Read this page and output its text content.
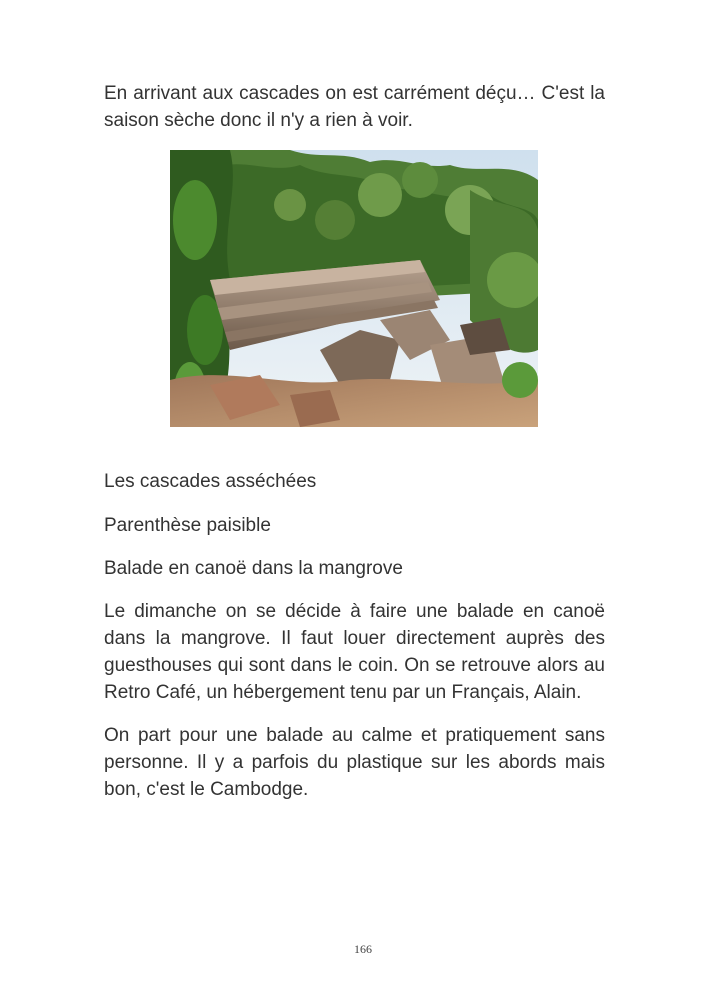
En arrivant aux cascades on est carrément déçu… C'est la saison sèche donc il n'y a rien à voir.

Les cascades asséchées

Parenthèse paisible

Balade en canoë dans la mangrove

Le dimanche on se décide à faire une balade en canoë dans la mangrove. Il faut louer directement auprès des guesthouses qui sont dans le coin. On se retrouve alors au Retro Café, un hébergement tenu par un Français, Alain.

On part pour une balade au calme et pratiquement sans personne. Il y a parfois du plastique sur les abords mais bon, c'est le Cambodge.

166
